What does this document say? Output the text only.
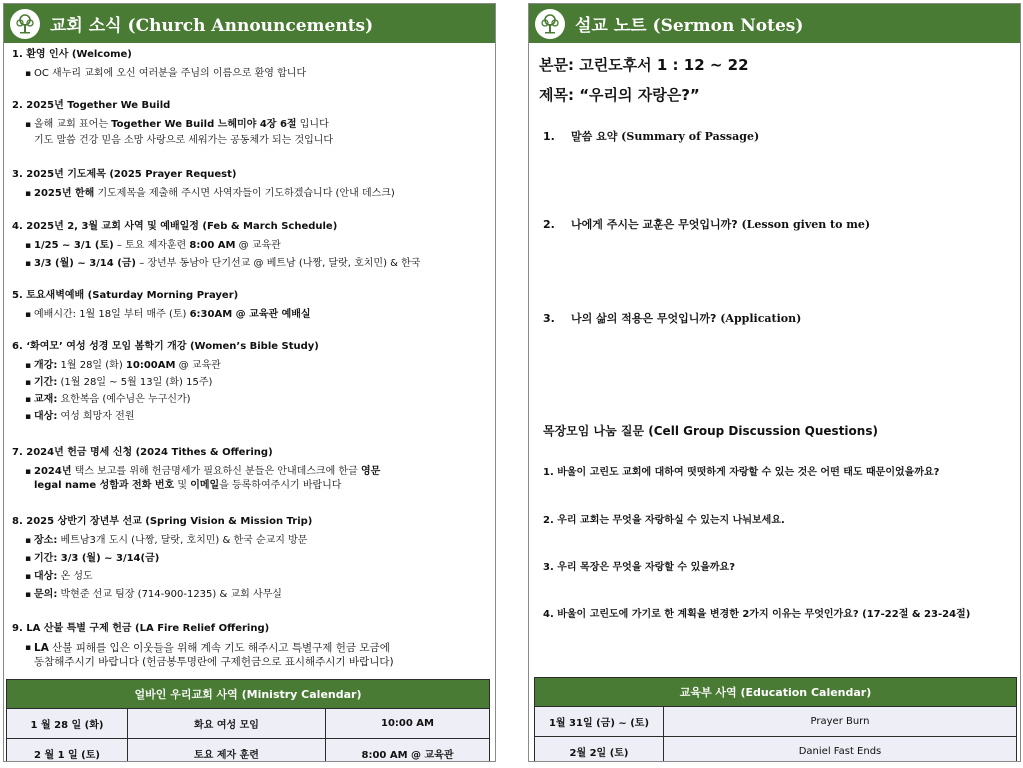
교회 소식 (Church Announcements)
1. 환영 인사 (Welcome)
▪ OC 새누리 교회에 오신 여러분을 주님의 이름으로 환영 합니다
2. 2025년 Together We Build
▪ 올해 교회 표어는 Together We Build 느헤미야 4장 6절 입니다
기도 말씀 건강 믿음 소망 사랑으로 세워가는 공동체가 되는 것입니다
3. 2025년 기도제목 (2025 Prayer Request)
▪ 2025년 한해 기도제목을 제출해 주시면 사역자들이 기도하겠습니다 (안내 데스크)
4. 2025년 2, 3월 교회 사역 및 예배일정 (Feb & March Schedule)
▪ 1/25 ~ 3/1 (토) – 토요 제자훈련 8:00 AM @ 교육관
▪ 3/3 (월) ~ 3/14 (금) – 장년부 동남아 단기선교 @ 베트남 (나짱, 달랏, 호치민) & 한국
5. 토요새벽예배 (Saturday Morning Prayer)
▪ 예배시간: 1월 18일 부터 매주 (토) 6:30AM @ 교육관 예배실
6. ‘화여모’ 여성 성경 모임 봄학기 개강 (Women’s Bible Study)
▪ 개강: 1월 28일 (화) 10:00AM @ 교육관
▪ 기간: (1월 28일 ~ 5월 13일 (화) 15주)
▪ 교재: 요한복음 (예수님은 누구신가)
▪ 대상: 여성 희망자 전원
7. 2024년 헌금 명세 신청 (2024 Tithes & Offering)
▪ 2024년 택스 보고를 위해 헌금명세가 필요하신 분들은 안내데스크에 한글 영문
legal name 성함과 전화 번호 및 이메일을 등록하여주시기 바랍니다
8. 2025 상반기 장년부 선교 (Spring Vision & Mission Trip)
▪ 장소: 베트남3개 도시 (나짱, 달랏, 호치민) & 한국 순교지 방문
▪ 기간: 3/3 (월) ~ 3/14(금)
▪ 대상: 온 성도
▪ 문의: 박현준 선교 팀장 (714-900-1235) & 교회 사무실
9. LA 산불 특별 구제 헌금 (LA Fire Relief Offering)
▪ LA 산불 피해를 입은 이웃들을 위해 계속 기도 해주시고 특별구제 헌금 모금에
동참해주시기 바랍니다 (헌금봉투명란에 구제헌금으로 표시해주시기 바랍니다)
얼바인 우리교회 사역 (Ministry Calendar)		
1 월 28 일 (화)	화요 여성 모임	10:00 AM
2 월 1 일 (토)	토요 제자 훈련	8:00 AM @ 교육관
설교 노트 (Sermon Notes)
본문: 고린도후서 1 : 12 ~ 22
제목: “우리의 자랑은?”
1. 말씀 요약 (Summary of Passage)
2. 나에게 주시는 교훈은 무엇입니까? (Lesson given to me)
3. 나의 삶의 적용은 무엇입니까? (Application)
목장모임 나눔 질문 (Cell Group Discussion Questions)
1. 바울이 고린도 교회에 대하여 떳떳하게 자랑할 수 있는 것은 어떤 태도 때문이었을까요?
2. 우리 교회는 무엇을 자랑하실 수 있는지 나눠보세요.
3. 우리 목장은 무엇을 자랑할 수 있을까요?
4. 바울이 고린도에 가기로 한 계획을 변경한 2가지 이유는 무엇인가요? (17-22절 & 23-24절)
교육부 사역 (Education Calendar)	
1월 31일 (금) ~ (토)	Prayer Burn
2월 2일 (토)	Daniel Fast Ends
